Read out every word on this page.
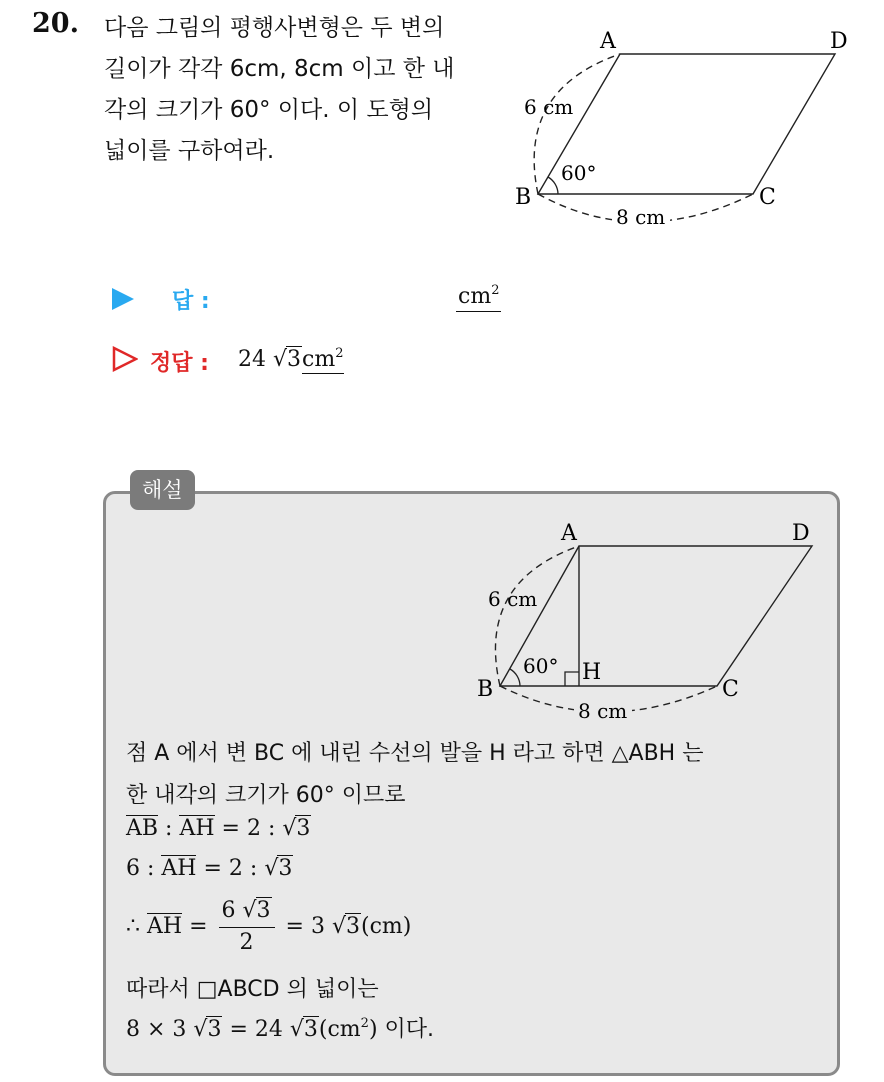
20. 다음 그림의 평행사변형은 두 변의
길이가 각각 6cm, 8cm 이고 한 내
각의 크기가 60° 이다. 이 도형의
넓이를 구하여라.
A	D
B	C
6 cm
60°
8 cm
답 :	$cm^2$
정답 : 24 $√3cm^2$
해설
A	D
B	C
H
6 cm
60°
8 cm
점 A 에서 변 BC 에 내린 수선의 발을 H 라고 하면 △ABH 는
한 내각의 크기가 60° 이므로
AB : AH = 2 : √3
6 : AH = 2 : √3
∴ AH = $\frac{6 √3}{2} = 3$ √3(cm)
따라서 □ABCD 의 넓이는
8 × 3 √3 = 24 $√3(cm^2)$ 이다.
